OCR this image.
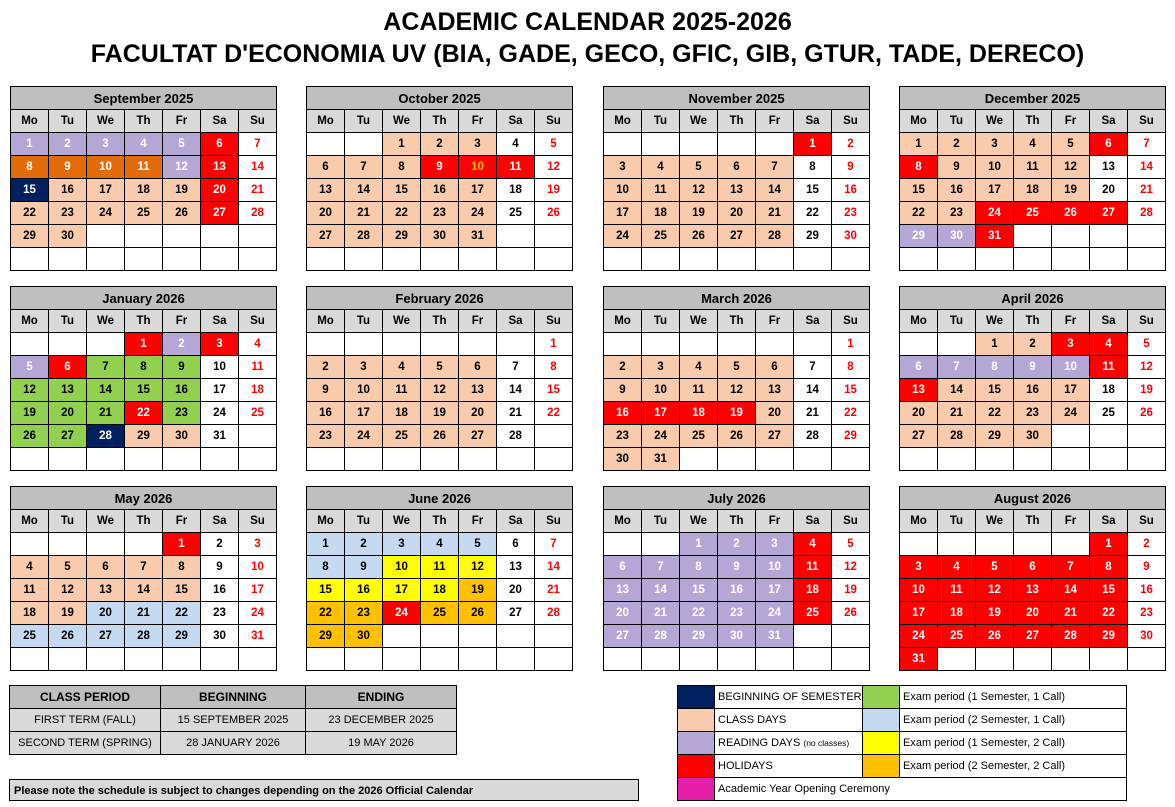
ACADEMIC CALENDAR 2025-2026
FACULTAT D'ECONOMIA UV (BIA, GADE, GECO, GFIC, GIB, GTUR, TADE, DERECO)
September 2025						
Mo	Tu	We	Th	Fr	Sa	Su
1	2	3	4	5	6	7
8	9	10	11	12	13	14
15	16	17	18	19	20	21
22	23	24	25	26	27	28
29	30					

October 2025						
Mo	Tu	We	Th	Fr	Sa	Su
		1	2	3	4	5
6	7	8	9	10	11	12
13	14	15	16	17	18	19
20	21	22	23	24	25	26
27	28	29	30	31		

November 2025						
Mo	Tu	We	Th	Fr	Sa	Su
					1	2
3	4	5	6	7	8	9
10	11	12	13	14	15	16
17	18	19	20	21	22	23
24	25	26	27	28	29	30

December 2025						
Mo	Tu	We	Th	Fr	Sa	Su
1	2	3	4	5	6	7
8	9	10	11	12	13	14
15	16	17	18	19	20	21
22	23	24	25	26	27	28
29	30	31				

January 2026						
Mo	Tu	We	Th	Fr	Sa	Su
			1	2	3	4
5	6	7	8	9	10	11
12	13	14	15	16	17	18
19	20	21	22	23	24	25
26	27	28	29	30	31	

February 2026						
Mo	Tu	We	Th	Fr	Sa	Su
						1
2	3	4	5	6	7	8
9	10	11	12	13	14	15
16	17	18	19	20	21	22
23	24	25	26	27	28	

March 2026						
Mo	Tu	We	Th	Fr	Sa	Su
						1
2	3	4	5	6	7	8
9	10	11	12	13	14	15
16	17	18	19	20	21	22
23	24	25	26	27	28	29
30	31					
April 2026						
Mo	Tu	We	Th	Fr	Sa	Su
		1	2	3	4	5
6	7	8	9	10	11	12
13	14	15	16	17	18	19
20	21	22	23	24	25	26
27	28	29	30			

May 2026						
Mo	Tu	We	Th	Fr	Sa	Su
				1	2	3
4	5	6	7	8	9	10
11	12	13	14	15	16	17
18	19	20	21	22	23	24
25	26	27	28	29	30	31

June 2026						
Mo	Tu	We	Th	Fr	Sa	Su
1	2	3	4	5	6	7
8	9	10	11	12	13	14
15	16	17	18	19	20	21
22	23	24	25	26	27	28
29	30					

July 2026						
Mo	Tu	We	Th	Fr	Sa	Su
		1	2	3	4	5
6	7	8	9	10	11	12
13	14	15	16	17	18	19
20	21	22	23	24	25	26
27	28	29	30	31		

August 2026						
Mo	Tu	We	Th	Fr	Sa	Su
					1	2
3	4	5	6	7	8	9
10	11	12	13	14	15	16
17	18	19	20	21	22	23
24	25	26	27	28	29	30
31						
CLASS PERIOD	BEGINNING	ENDING
FIRST TERM (FALL)	15 SEPTEMBER 2025	23 DECEMBER 2025
SECOND TERM (SPRING)	28 JANUARY 2026	19 MAY 2026
Please note the schedule is subject to changes depending on the 2026 Official Calendar
	BEGINNING OF SEMESTER		Exam period (1 Semester, 1 Call)
	CLASS DAYS		Exam period (2 Semester, 1 Call)
	READING DAYS (no classes)		Exam period (1 Semester, 2 Call)
	HOLIDAYS		Exam period (2 Semester, 2 Call)
	Academic Year Opening Ceremony		
